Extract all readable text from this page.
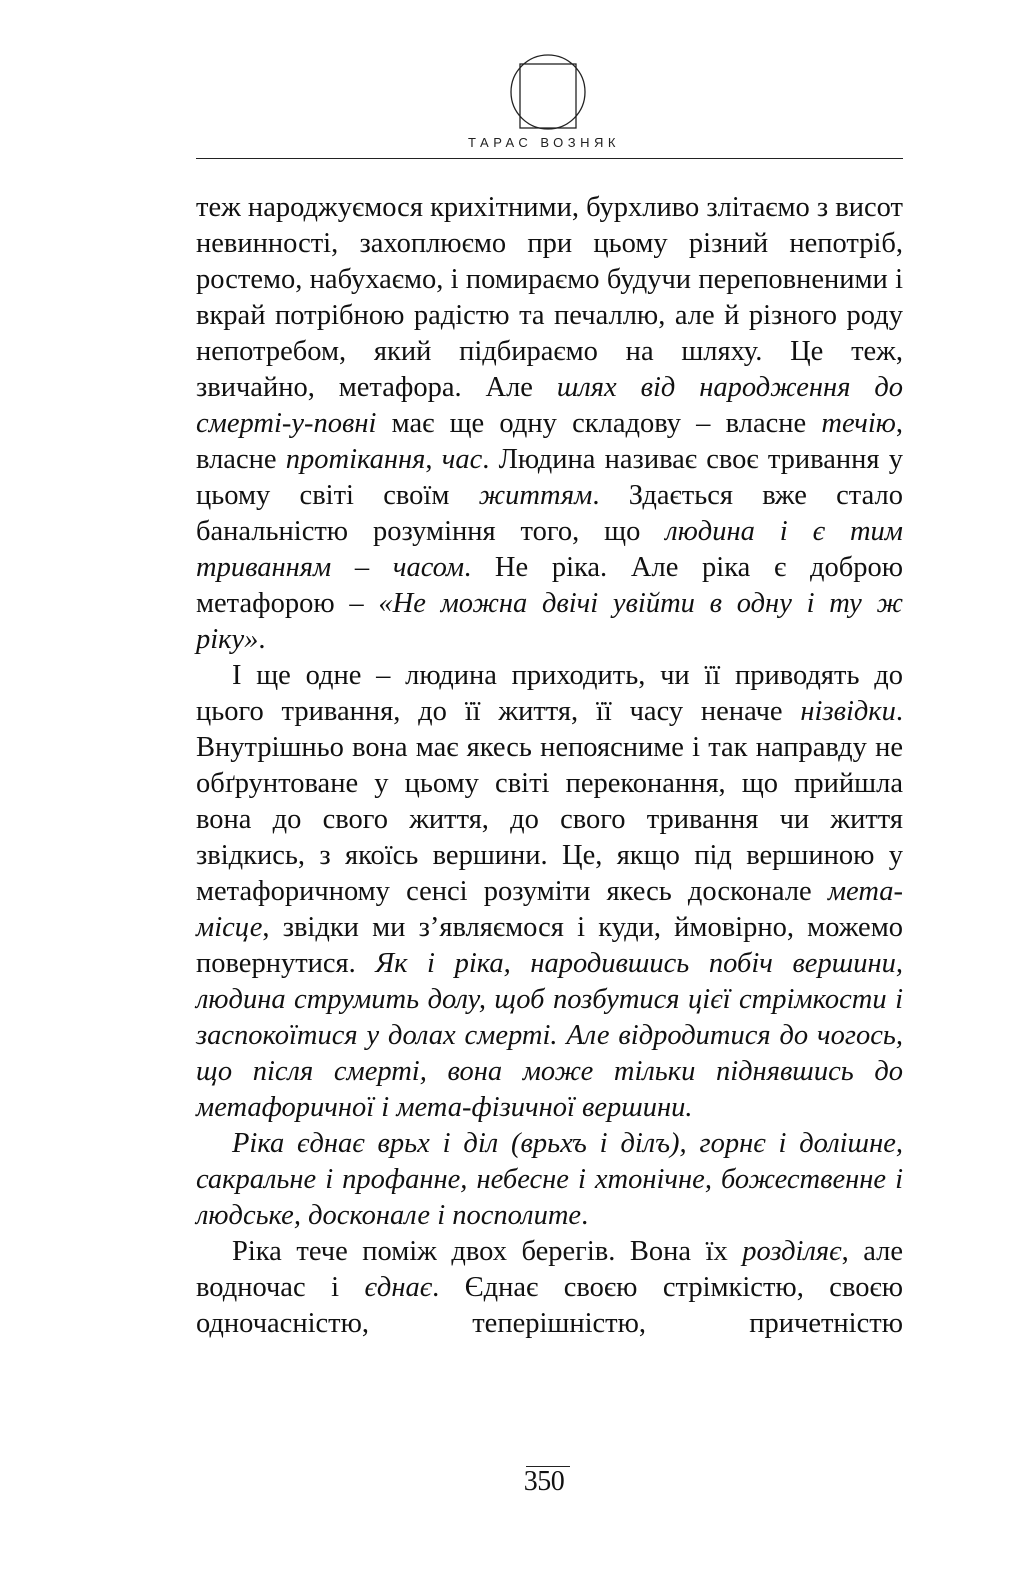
ТАРАС ВОЗНЯК

теж народжуємося крихітними, бурхливо злітаємо з висот невинності, захоплюємо при цьому різний непотріб, ростемо, набухаємо, і помираємо будучи переповненими і вкрай потрібною радістю та печаллю, але й різного роду непотребом, який підбираємо на шляху. Це теж, звичайно, метафора. Але шлях від народження до смерті-у-повні має ще одну складову – власне течію, власне протікання, час. Людина називає своє тривання у цьому світі своїм життям. Здається вже стало банальністю розуміння того, що людина і є тим триванням – часом. Не ріка. Але ріка є доброю метафорою – «Не можна двічі увійти в одну і ту ж ріку».

І ще одне – людина приходить, чи її приводять до цього тривання, до її життя, її часу неначе нізвідки. Внутрішньо вона має якесь непояснимe і так направду не обґрунтоване у цьому світі переконання, що прийшла вона до свого життя, до свого тривання чи життя звідкись, з якоїсь вершини. Це, якщо під вершиною у метафоричному сенсі розуміти якесь досконале мета-місце, звідки ми з’являємося і куди, ймовірно, можемо повернутися. Як і ріка, народившись побіч вершини, людина струмить долу, щоб позбутися цієї стрімкости і заспокоїтися у долах смерті. Але відродитися до чогось, що після смерті, вона може тільки піднявшись до метафоричної і мета-фізичної вершини.

Ріка єднає врьх і діл (врьхъ і дiлъ), горнє і долішне, сакральне і профанне, небесне і хтонічне, божественне і людське, досконале і посполите.

Ріка тече поміж двох берегів. Вона їх розділяє, але водночас і єднає. Єднає своєю стрімкістю, своєю одночасністю, теперішністю, причетністю

350
